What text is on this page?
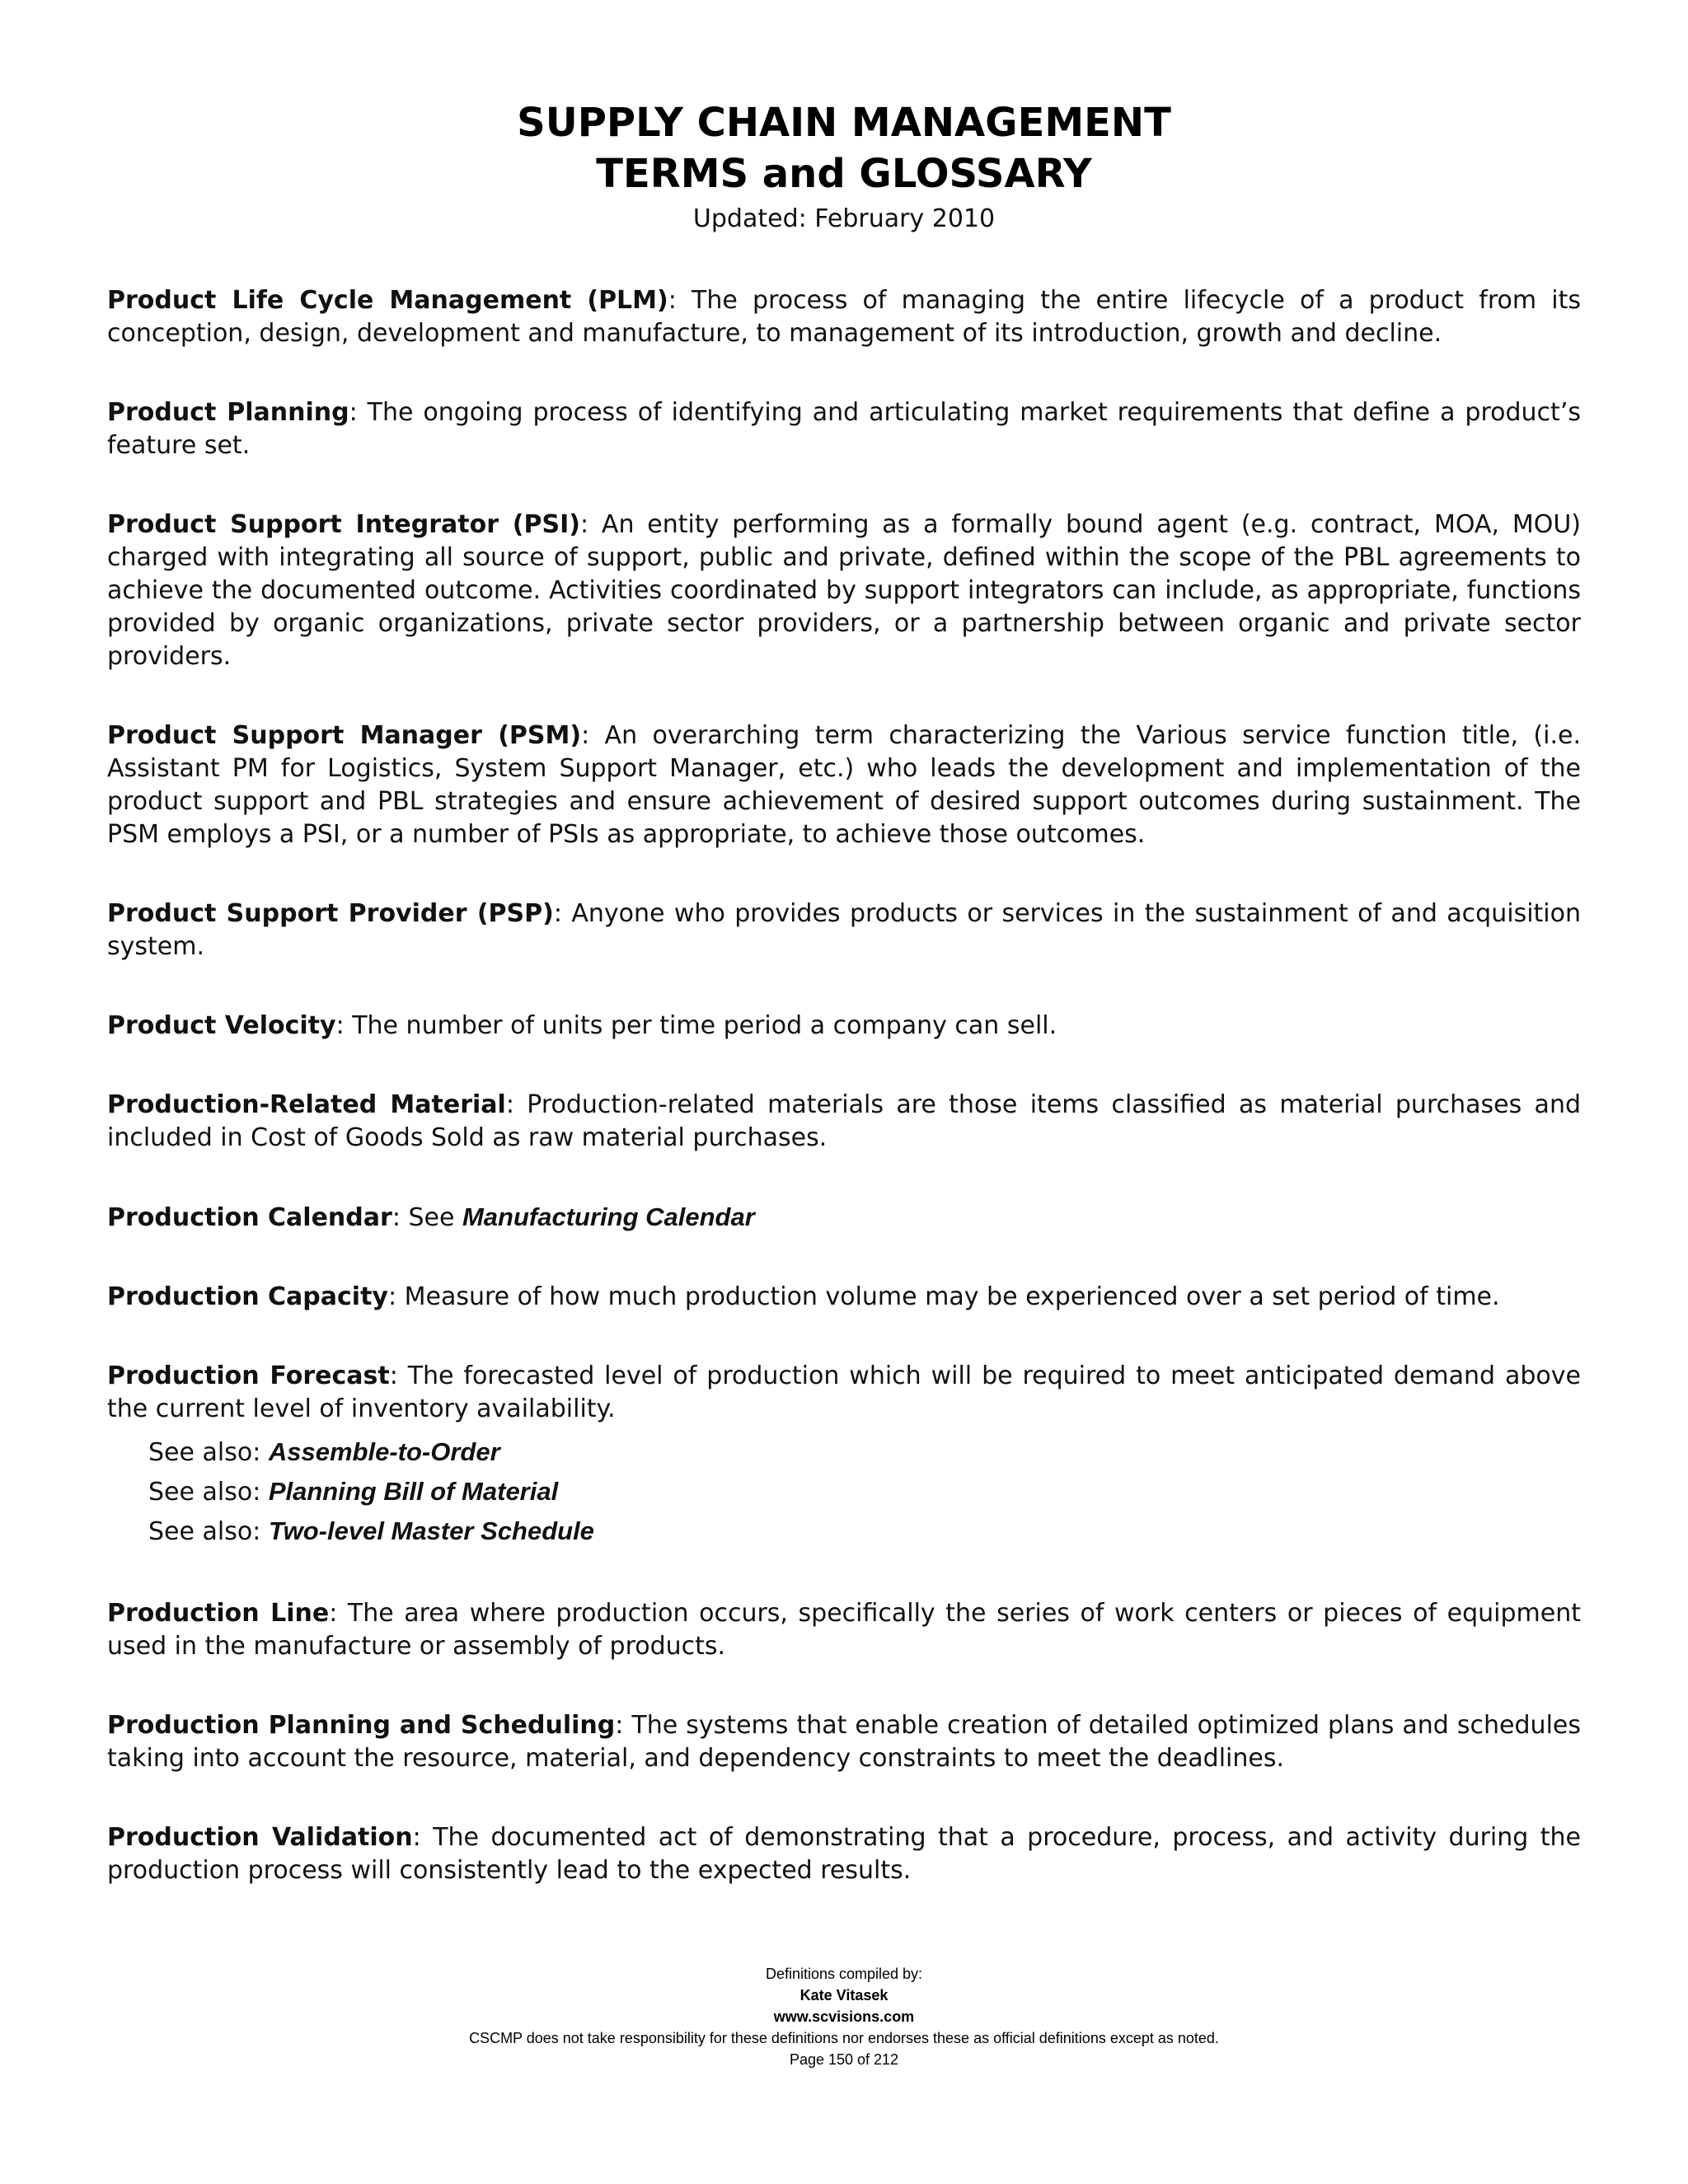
SUPPLY CHAIN MANAGEMENT
TERMS and GLOSSARY
Updated: February 2010

Product Life Cycle Management (PLM): The process of managing the entire lifecycle of a product from its conception, design, development and manufacture, to management of its introduction, growth and decline.

Product Planning: The ongoing process of identifying and articulating market requirements that define a product’s feature set.

Product Support Integrator (PSI): An entity performing as a formally bound agent (e.g. contract, MOA, MOU) charged with integrating all source of support, public and private, defined within the scope of the PBL agreements to achieve the documented outcome. Activities coordinated by support integrators can include, as appropriate, functions provided by organic organizations, private sector providers, or a partnership between organic and private sector providers.

Product Support Manager (PSM): An overarching term characterizing the Various service function title, (i.e. Assistant PM for Logistics, System Support Manager, etc.) who leads the development and implementation of the product support and PBL strategies and ensure achievement of desired support outcomes during sustainment. The PSM employs a PSI, or a number of PSIs as appropriate, to achieve those outcomes.

Product Support Provider (PSP): Anyone who provides products or services in the sustainment of and acquisition system.

Product Velocity: The number of units per time period a company can sell.

Production-Related Material: Production-related materials are those items classified as material purchases and included in Cost of Goods Sold as raw material purchases.

Production Calendar: See Manufacturing Calendar

Production Capacity: Measure of how much production volume may be experienced over a set period of time.

Production Forecast: The forecasted level of production which will be required to meet anticipated demand above the current level of inventory availability.

See also: Assemble-to-Order
See also: Planning Bill of Material
See also: Two-level Master Schedule

Production Line: The area where production occurs, specifically the series of work centers or pieces of equipment used in the manufacture or assembly of products.

Production Planning and Scheduling: The systems that enable creation of detailed optimized plans and schedules taking into account the resource, material, and dependency constraints to meet the deadlines.

Production Validation: The documented act of demonstrating that a procedure, process, and activity during the production process will consistently lead to the expected results.

Definitions compiled by:
Kate Vitasek
www.scvisions.com
CSCMP does not take responsibility for these definitions nor endorses these as official definitions except as noted.
Page 150 of 212
